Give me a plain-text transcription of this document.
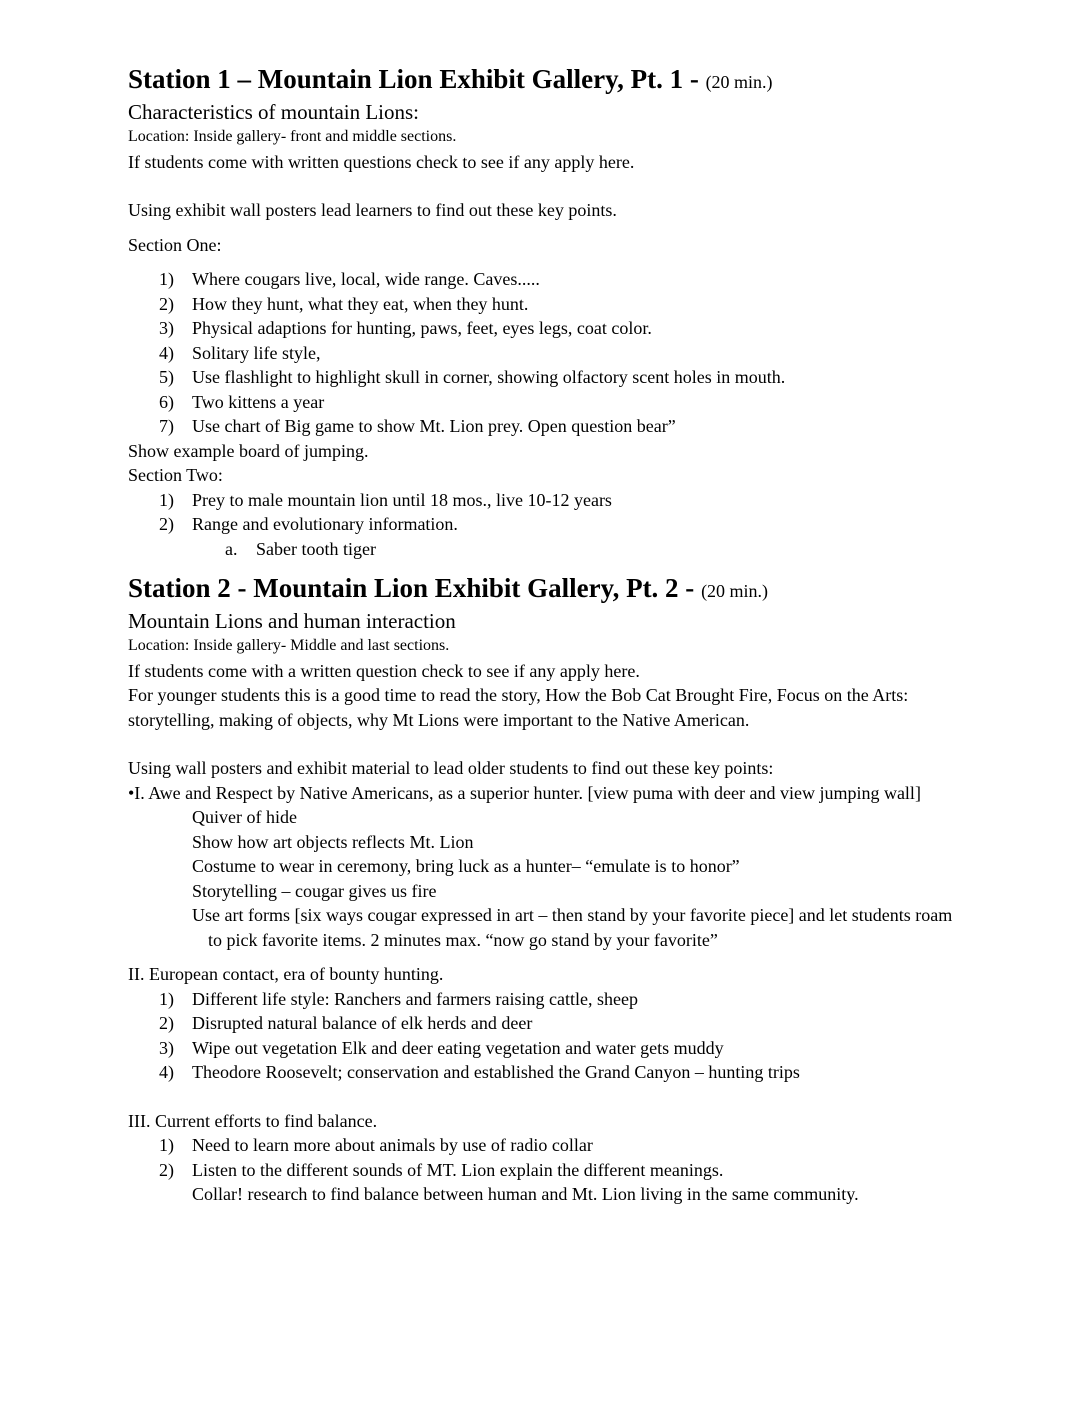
Station 1 – Mountain Lion Exhibit Gallery, Pt. 1 - (20 min.)
Characteristics of mountain Lions:
Location: Inside gallery- front and middle sections.
If students come with written questions check to see if any apply here.
Using exhibit wall posters lead learners to find out these key points.
Section One:
1) Where cougars live, local, wide range. Caves.....
2) How they hunt, what they eat, when they hunt.
3) Physical adaptions for hunting, paws, feet, eyes legs, coat color.
4) Solitary life style,
5) Use flashlight to highlight skull in corner, showing olfactory scent holes in mouth.
6) Two kittens a year
7) Use chart of Big game to show Mt. Lion prey. Open question bear”
Show example board of jumping.
Section Two:
1) Prey to male mountain lion until 18 mos., live 10-12 years
2) Range and evolutionary information.
a. Saber tooth tiger
Station 2 - Mountain Lion Exhibit Gallery, Pt. 2 - (20 min.)
Mountain Lions and human interaction
Location: Inside gallery- Middle and last sections.
If students come with a written question check to see if any apply here.
For younger students this is a good time to read the story, How the Bob Cat Brought Fire, Focus on the Arts: storytelling, making of objects, why Mt Lions were important to the Native American.
Using wall posters and exhibit material to lead older students to find out these key points:
•I. Awe and Respect by Native Americans, as a superior hunter. [view puma with deer and view jumping wall]
Quiver of hide
Show how art objects reflects Mt. Lion
Costume to wear in ceremony, bring luck as a hunter– “emulate is to honor”
Storytelling – cougar gives us fire
Use art forms [six ways cougar expressed in art – then stand by your favorite piece] and let students roam to pick favorite items. 2 minutes max. “now go stand by your favorite”
II. European contact, era of bounty hunting.
1) Different life style: Ranchers and farmers raising cattle, sheep
2) Disrupted natural balance of elk herds and deer
3) Wipe out vegetation Elk and deer eating vegetation and water gets muddy
4) Theodore Roosevelt; conservation and established the Grand Canyon – hunting trips
III. Current efforts to find balance.
1) Need to learn more about animals by use of radio collar
2) Listen to the different sounds of MT. Lion explain the different meanings.
Collar! research to find balance between human and Mt. Lion living in the same community.
